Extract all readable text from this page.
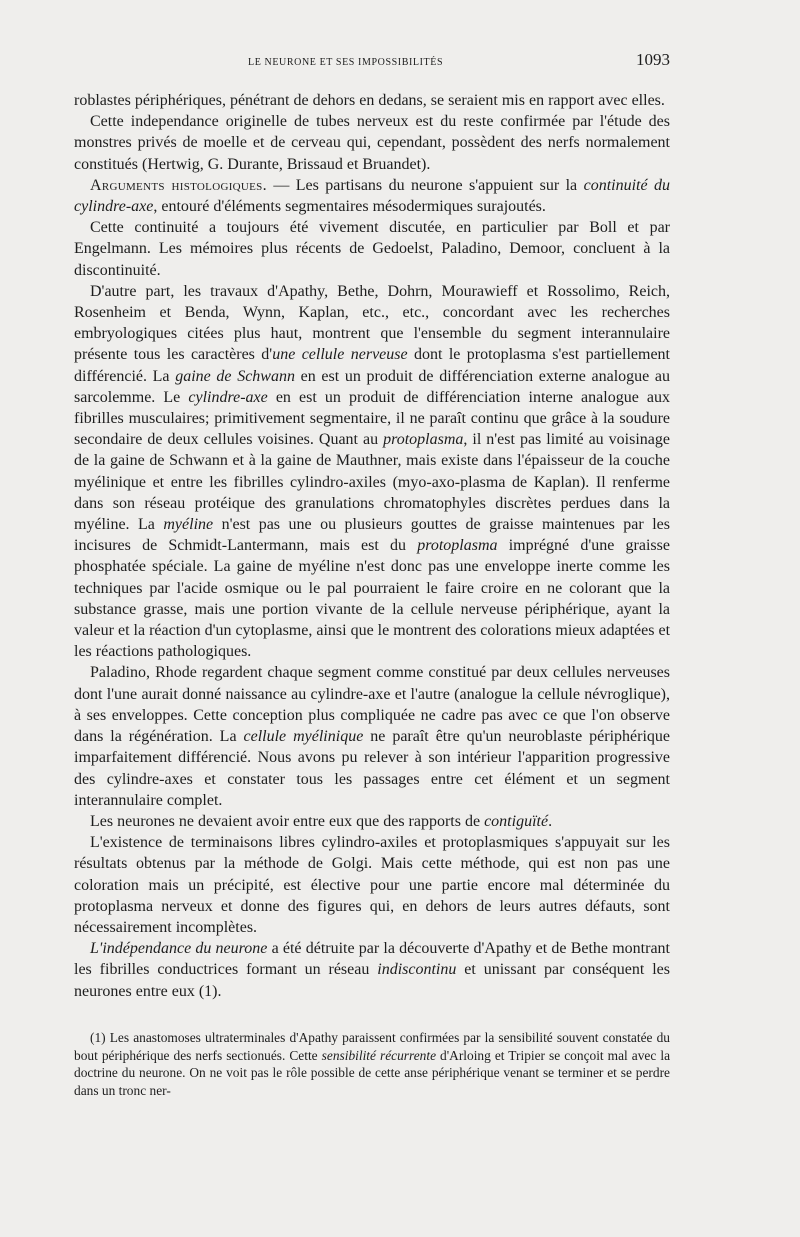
LE NEURONE ET SES IMPOSSIBILITÉS	1093

roblastes périphériques, pénétrant de dehors en dedans, se seraient mis en rapport avec elles.

Cette independance originelle de tubes nerveux est du reste confirmée par l'étude des monstres privés de moelle et de cerveau qui, cependant, possèdent des nerfs normalement constitués (Hertwig, G. Durante, Brissaud et Bruandet).

Arguments histologiques. — Les partisans du neurone s'appuient sur la continuité du cylindre-axe, entouré d'éléments segmentaires mésodermiques surajoutés.

Cette continuité a toujours été vivement discutée, en particulier par Boll et par Engelmann. Les mémoires plus récents de Gedoelst, Paladino, Demoor, concluent à la discontinuité.

D'autre part, les travaux d'Apathy, Bethe, Dohrn, Mourawieff et Rossolimo, Reich, Rosenheim et Benda, Wynn, Kaplan, etc., etc., concordant avec les recherches embryologiques citées plus haut, montrent que l'ensemble du segment interannulaire présente tous les caractères d'une cellule nerveuse dont le protoplasma s'est partiellement différencié. La gaine de Schwann en est un produit de différenciation externe analogue au sarcolemme. Le cylindre-axe en est un produit de différenciation interne analogue aux fibrilles musculaires; primitivement segmentaire, il ne paraît continu que grâce à la soudure secondaire de deux cellules voisines. Quant au protoplasma, il n'est pas limité au voisinage de la gaine de Schwann et à la gaine de Mauthner, mais existe dans l'épaisseur de la couche myélinique et entre les fibrilles cylindro-axiles (myo-axo-plasma de Kaplan). Il renferme dans son réseau protéique des granulations chromatophyles discrètes perdues dans la myéline. La myéline n'est pas une ou plusieurs gouttes de graisse maintenues par les incisures de Schmidt-Lantermann, mais est du protoplasma imprégné d'une graisse phosphatée spéciale. La gaine de myéline n'est donc pas une enveloppe inerte comme les techniques par l'acide osmique ou le pal pourraient le faire croire en ne colorant que la substance grasse, mais une portion vivante de la cellule nerveuse périphérique, ayant la valeur et la réaction d'un cytoplasme, ainsi que le montrent des colorations mieux adaptées et les réactions pathologiques.

Paladino, Rhode regardent chaque segment comme constitué par deux cellules nerveuses dont l'une aurait donné naissance au cylindre-axe et l'autre (analogue la cellule névroglique), à ses enveloppes. Cette conception plus compliquée ne cadre pas avec ce que l'on observe dans la régénération. La cellule myélinique ne paraît être qu'un neuroblaste périphérique imparfaitement différencié. Nous avons pu relever à son intérieur l'apparition progressive des cylindre-axes et constater tous les passages entre cet élément et un segment interannulaire complet.

Les neurones ne devaient avoir entre eux que des rapports de contiguïté.

L'existence de terminaisons libres cylindro-axiles et protoplasmiques s'appuyait sur les résultats obtenus par la méthode de Golgi. Mais cette méthode, qui est non pas une coloration mais un précipité, est élective pour une partie encore mal déterminée du protoplasma nerveux et donne des figures qui, en dehors de leurs autres défauts, sont nécessairement incomplètes.

L'indépendance du neurone a été détruite par la découverte d'Apathy et de Bethe montrant les fibrilles conductrices formant un réseau indiscontinu et unissant par conséquent les neurones entre eux (1).

(1) Les anastomoses ultraterminales d'Apathy paraissent confirmées par la sensibilité souvent constatée du bout périphérique des nerfs sectionués. Cette sensibilité récurrente d'Arloing et Tripier se conçoit mal avec la doctrine du neurone. On ne voit pas le rôle possible de cette anse périphérique venant se terminer et se perdre dans un tronc ner-
